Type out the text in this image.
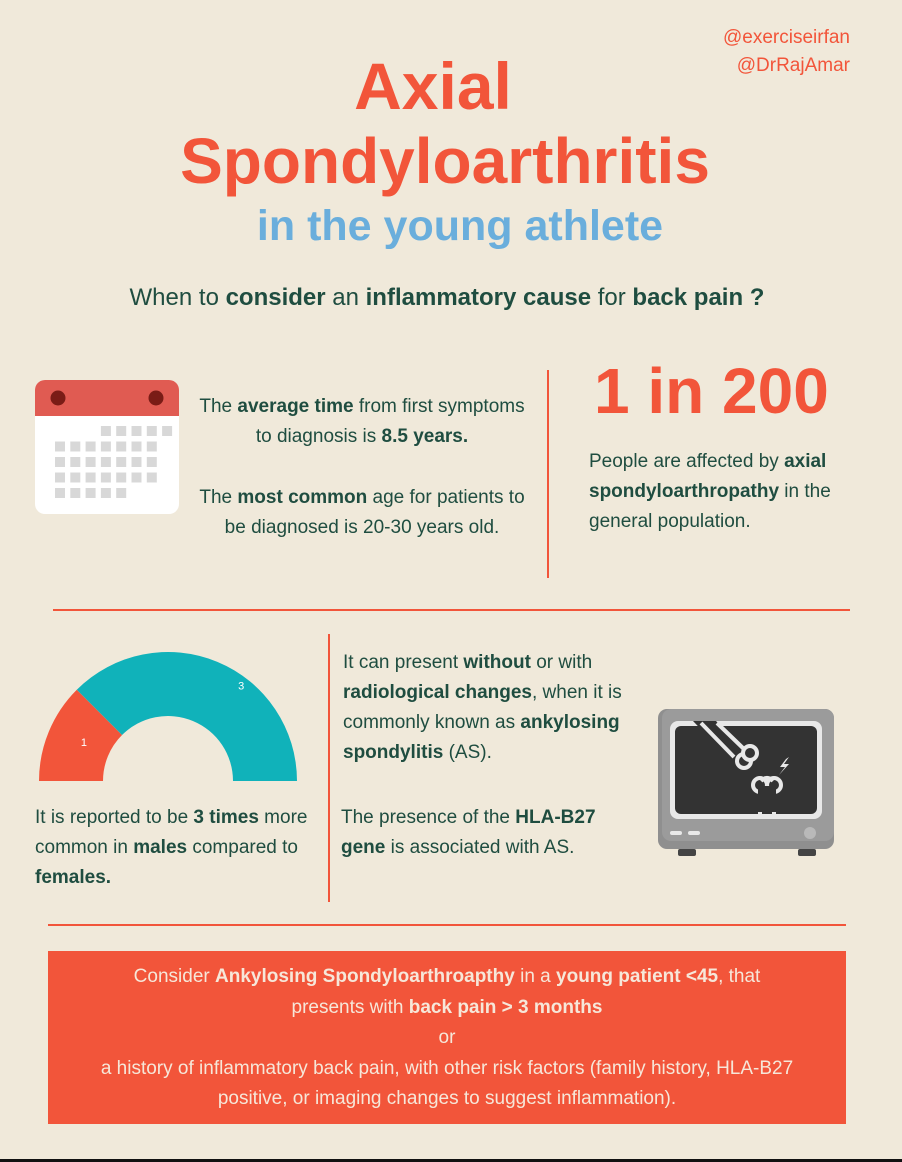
@exerciseirfan
@DrRajAmar
Axial
Spondyloarthritis
in the young athlete
When to consider an inflammatory cause for back pain ?
The average time from first symptoms to diagnosis is 8.5 years.
The most common age for patients to be diagnosed is 20-30 years old.
1 in 200
People are affected by axial spondyloarthropathy in the general population.
1
3
It is reported to be 3 times more common in males compared to females.
It can present without or with radiological changes, when it is commonly known as ankylosing spondylitis (AS).
The presence of the HLA-B27 gene is associated with AS.
Consider Ankylosing Spondyloarthroapthy in a young patient <45, that presents with back pain > 3 months
or
a history of inflammatory back pain, with other risk factors (family history, HLA-B27 positive, or imaging changes to suggest inflammation).
